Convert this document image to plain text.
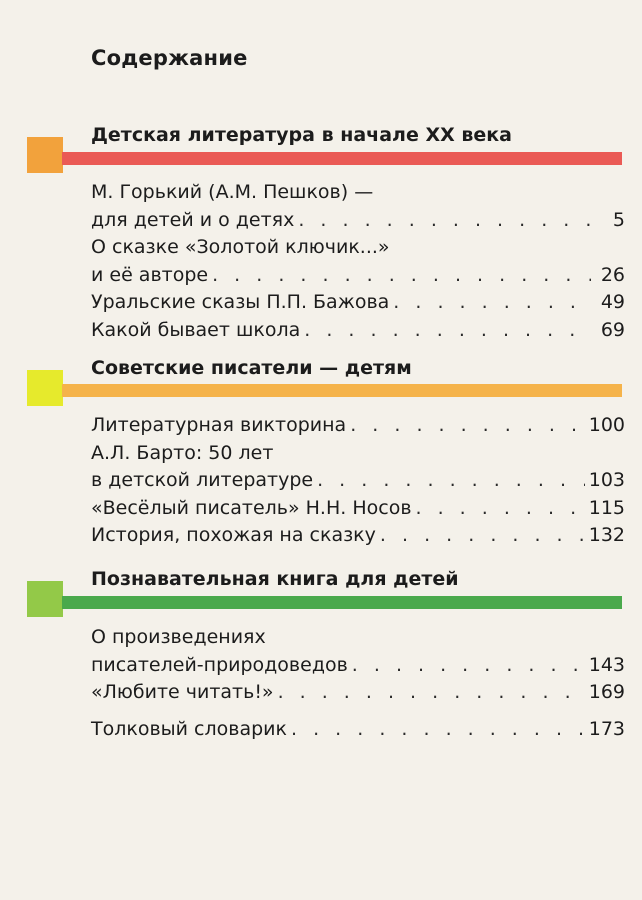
Содержание
Детская литература в начале XX века
М. Горький (А.М. Пешков) —
для детей и о детях . . .	5
О сказке «Золотой ключик...»
и её авторе . . .	26
Уральские сказы П.П. Бажова . . .	49
Какой бывает школа . . .	69
Советские писатели — детям
Литературная викторина . . .	100
А.Л. Барто: 50 лет
в детской литературе . . .	103
«Весёлый писатель» Н.Н. Носов . . .	115
История, похожая на сказку . . .	132
Познавательная книга для детей
О произведениях
писателей-природоведов . . .	143
«Любите читать!» . . .	169
Толковый словарик . . .	173
